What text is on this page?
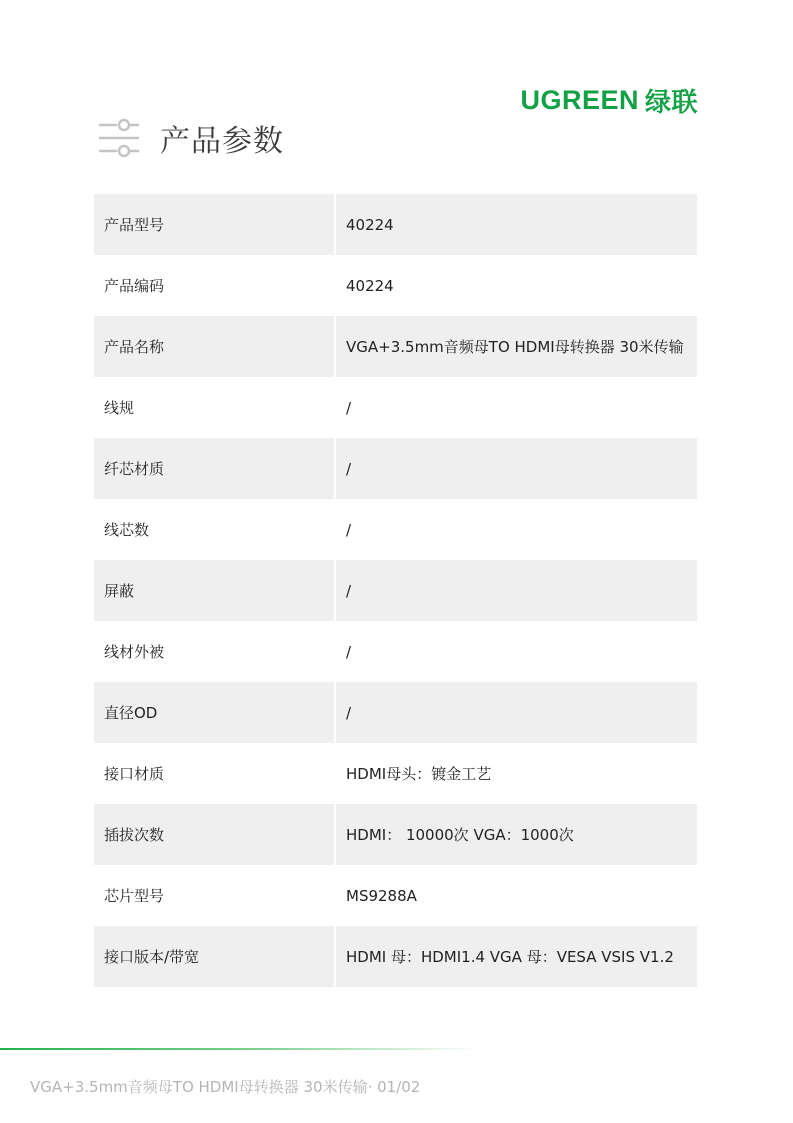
UGREEN 绿联
产品参数
产品型号	40224
产品编码	40224
产品名称	VGA+3.5mm音频母TO HDMI母转换器 30米传输
线规	/
纤芯材质	/
线芯数	/
屏蔽	/
线材外被	/
直径OD	/
接口材质	HDMI母头：镀金工艺
插拔次数	HDMI： 10000次 VGA：1000次
芯片型号	MS9288A
接口版本/带宽	HDMI 母：HDMI1.4 VGA 母：VESA VSIS V1.2
VGA+3.5mm音频母TO HDMI母转换器 30米传输· 01/02
